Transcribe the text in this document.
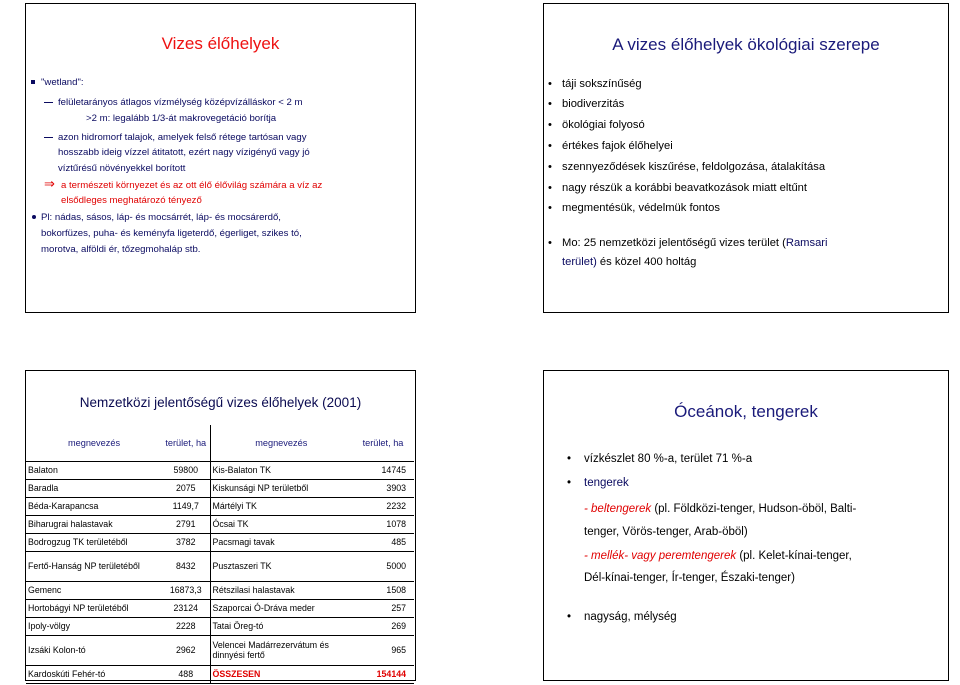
Vizes élőhelyek
"wetland":
felületarányos átlagos vízmélység középvízálláskor < 2 m
>2 m: legalább 1/3-át makrovegetáció borítja
azon hidromorf talajok, amelyek felső rétege tartósan vagy
hosszabb ideig vízzel átitatott, ezért nagy vízigényű vagy jó
víztűrésű növényekkel borított
a természeti környezet és az ott élő élővilág számára a víz az
⇒
elsődleges meghatározó tényező
Pl: nádas, sásos, láp- és mocsárrét, láp- és mocsárerdő,
bokorfüzes, puha- és keményfa ligeterdő, égerliget, szikes tó,
morotva, alföldi ér, tőzegmohaláp stb.
A vizes élőhelyek ökológiai szerepe
• táji sokszínűség
• biodiverzitás
• ökológiai folyosó
• értékes fajok élőhelyei
• szennyeződések kiszűrése, feldolgozása, átalakítása
• nagy részük a korábbi beavatkozások miatt eltűnt
• megmentésük, védelmük fontos
• Mo: 25 nemzetközi jelentőségű vizes terület (Ramsari
terület) és közel 400 holtág
Nemzetközi jelentőségű vizes élőhelyek (2001)
megnevezés	terület, ha	megnevezés	terület, ha
Balaton	59800	Kis-Balaton TK	14745
Baradla	2075	Kiskunsági NP területből	3903
Béda-Karapancsa	1149,7	Mártélyi TK	2232
Biharugrai halastavak	2791	Ócsai TK	1078
Bodrogzug TK területéből	3782	Pacsmagi tavak	485
Fertő-Hanság NP területéből	8432	Pusztaszeri TK	5000
Gemenc	16873,3	Rétszilasi halastavak	1508
Hortobágyi NP területéből	23124	Szaporcai Ó-Dráva meder	257
Ipoly-völgy	2228	Tatai Öreg-tó	269
Izsáki Kolon-tó	2962	Velencei Madárrezervátum és dinnyési fertő	965
Kardoskúti Fehér-tó	488	ÖSSZESEN	154144
Óceánok, tengerek
• vízkészlet 80 %-a, terület 71 %-a
• tengerek
- beltengerek (pl. Földközi-tenger, Hudson-öböl, Balti-
tenger, Vörös-tenger, Arab-öböl)
- mellék- vagy peremtengerek (pl. Kelet-kínai-tenger,
Dél-kínai-tenger, Ír-tenger, Északi-tenger)
• nagyság, mélység
